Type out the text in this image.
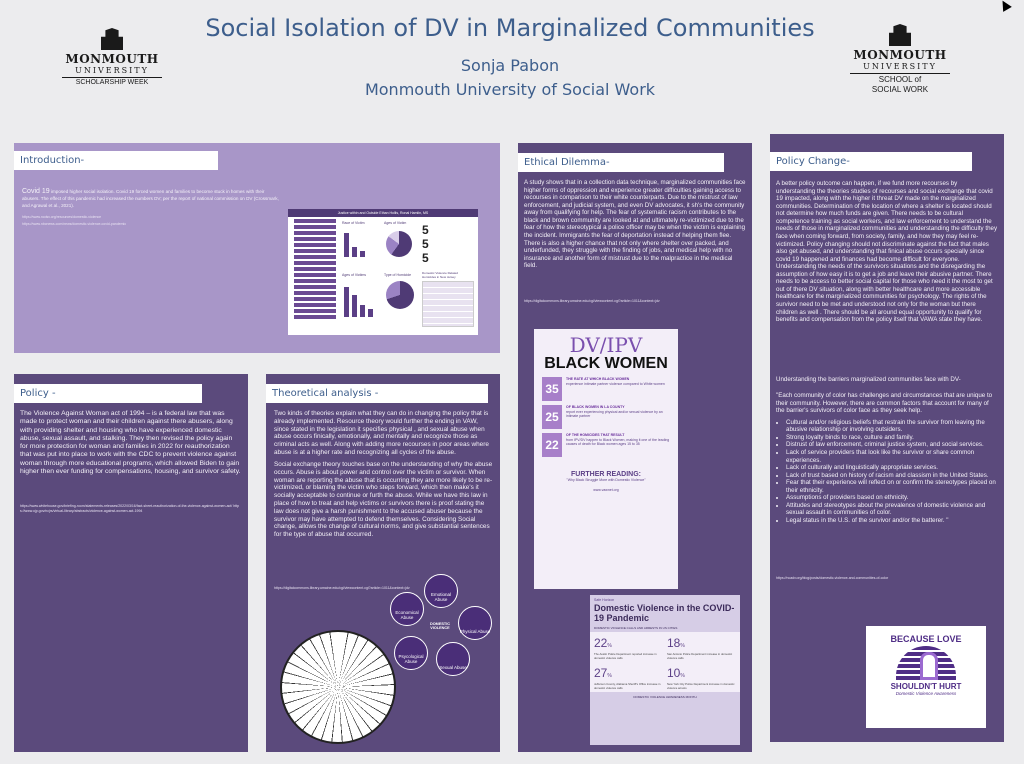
Social Isolation of DV in Marginalized Communities
Sonja Pabon
Monmouth University of Social Work
MONMOUTH
UNIVERSITY
SCHOLARSHIP WEEK
MONMOUTH
UNIVERSITY
SCHOOL of
SOCIAL WORK
Introduction-
Covid 19 imposed higher social isolation. Covid 19 forced women and families to become stuck in homes with their abusers. The effect of this pandemic had increased the numbers DV; per the report of national commission on DV (Crossmark, and Agrawal et al., 2021).
https://www.ncdsv.org/resources/domestic-violence
https://www.nbcnews.com/news/domestic-violence-covid-pandemic
Justice within and Outside Ethan Hollis, Ronal Hamlin, MS
Race of Victim	Ages of Victim 5
5
5
Ages of Victims	Type of Homicide	Domestic Violence Related Homicides in New Jersey
Policy -
The Violence Against Woman act of 1994 – is a federal law that was made to protect woman and their children against there abusers, along with providing shelter and housing who have experienced domestic abuse, sexual assault, and stalking. They then revised the policy again for more protection for woman and families in 2022 for reauthorization that was put into place to work with the CDC to prevent violence against woman through more educational programs, which allowed Biden to gain higher then ever funding for compensations, housing, and survivor safety.
https://www.whitehouse.gov/briefing-room/statements-releases/2022/03/16/fact-sheet-reauthorization-of-the-violence-against-women-act/ https://www.ojp.gov/ncjrs/virtual-library/abstracts/violence-against-women-act-1994
Theoretical analysis -

Two kinds of theories explain what they can do in changing the policy that is already implemented. Resource theory would further the ending in VAW, since stated in the legislation it specifies physical , and sexual abuse when abuse occurs finically, emotionally, and mentally and recognize those as criminal acts as well. Along with adding more recourses in poor areas where abuse is at a higher rate and recognizing all cycles of the abuse.

Social exchange theory touches base on the understanding of why the abuse occurs. Abuse is about power and control over the victim or survivor. When woman are reporting the abuse that is occurring they are more likely to be re-victimized, or blaming the victim who steps forward, which then make's it socially acceptable to continue or furth the abuse. While we have this law in place of how to treat and help victims or survivors there is proof stating the law does not give a harsh punishment to the accused abuser because the survivor may have attempted to defend themselves. Considering Social change, allows the change of cultural norms, and give substantial sentences for the type of abuse that occurred.

https://digitalcommons.library.umaine.edu/cgi/viewcontent.cgi?article=1011&context=jdv
Emotional Abuse
Physical Abuse
Sexual Abuse
Psycological Abuse
Economical Abuse
DOMESTIC VIOLENCE
Ethical Dilemma-
A study shows that in a collection data technique, marginalized communities face higher forms of oppression and experience greater difficulties gaining access to recourses in comparison to their white counterparts. Due to the mistrust of law enforcement, and judicial system, and even DV advocates, it sh's the community away from qualifying for help. The fear of systematic racism contributes to the black and brown community are looked at and ultimately re-victimized due to the fear of how the stereotypical a police officer may be when the victim is explaining the incident. Immigrants the fear of deportation instead of helping them flee. There is also a higher chance that not only where shelter over packed, and underfunded, they struggle with the finding of jobs, and medical help with no insurance and another form of mistrust due to the malpractice in the medical field.
https://digitalcommons.library.umaine.edu/cgi/viewcontent.cgi?article=1011&context=jdv
DV/IPV
BLACK WOMEN
35
THE RATE AT WHICH BLACK WOMEN
experience intimate partner violence compared to White women
25
OF BLACK WOMEN IN LA COUNTY
report ever experiencing physical and/or sexual violence by an intimate partner
22
OF THE HOMICIDES THAT RESULT
from IPV/DV happen to Black Women, making it one of the leading causes of death for Black women ages 15 to 35
FURTHER READING:
"Why Black Struggle More with Domestic Violence"
www.vawnet.org
Safe Horizon
Domestic Violence in the COVID-19 Pandemic
DOMESTIC VIOLENCE CALLS AND ARRESTS IN US CITIES
22%
The Austin Police Department reported increase in domestic violence calls
18%
San Antonio Police Department increase in domestic violence calls
27%
Jefferson County, Alabama Sheriff's Office increase in domestic violence calls
10%
New York City Police Department increase in domestic violence arrests
DOMESTIC VIOLENCE AWARENESS MONTH
Policy Change-
A better policy outcome can happen, if we fund more recourses by understanding the theories studies of recourses and social exchange that covid 19 impacted, along with the higher it threat DV made on the marginalized communities. Determination of the location of where a shelter is located should not determine how much funds are given. There needs to be cultural competence training as social workers, and law enforcement to understand the needs of those in marginalized communities and understanding the difficulty they face when coming forward, from society, family, and how they may feel re-victimized. Policy changing should not discriminate against the fact that males also get abused, and understanding that finical abuse occurs specially since covid 19 happened and finances had become difficult for everyone. Understanding the needs of the survivors situations and the disregarding the assumption of how easy it is to get a job and leave their abusive partner. There needs to be access to better social capital for those who need it the most to get out of there DV situation, along with better healthcare and more accessible healthcare for the marginalized communities for psychology. The rights of the survivor need to be met and understood not only for the woman but there children as well . There should be all around equal opportunity to qualify for benefits and compensation from the policy itself that VAWA state they have.
Understanding the barriers marginalized communities face with DV-

"Each community of color has challenges and circumstances that are unique to their community. However, there are common factors that account for many of the barrier's survivors of color face as they seek help.

• Cultural and/or religious beliefs that restrain the survivor from leaving the abusive relationship or involving outsiders.
• Strong loyalty binds to race, culture and family.
• Distrust of law enforcement, criminal justice system, and social services.
• Lack of service providers that look like the survivor or share common experiences.
• Lack of culturally and linguistically appropriate services.
• Lack of trust based on history of racism and classism in the United States.
• Fear that their experience will reflect on or confirm the stereotypes placed on their ethnicity.
• Assumptions of providers based on ethnicity.
• Attitudes and stereotypes about the prevalence of domestic violence and sexual assault in communities of color.
• Legal status in the U.S. of the survivor and/or the batterer. "
https://ncadv.org/blog/posts/domestic-violence-and-communities-of-color
BECAUSE LOVE
SHOULDN'T HURT
Domestic Violence Awareness
